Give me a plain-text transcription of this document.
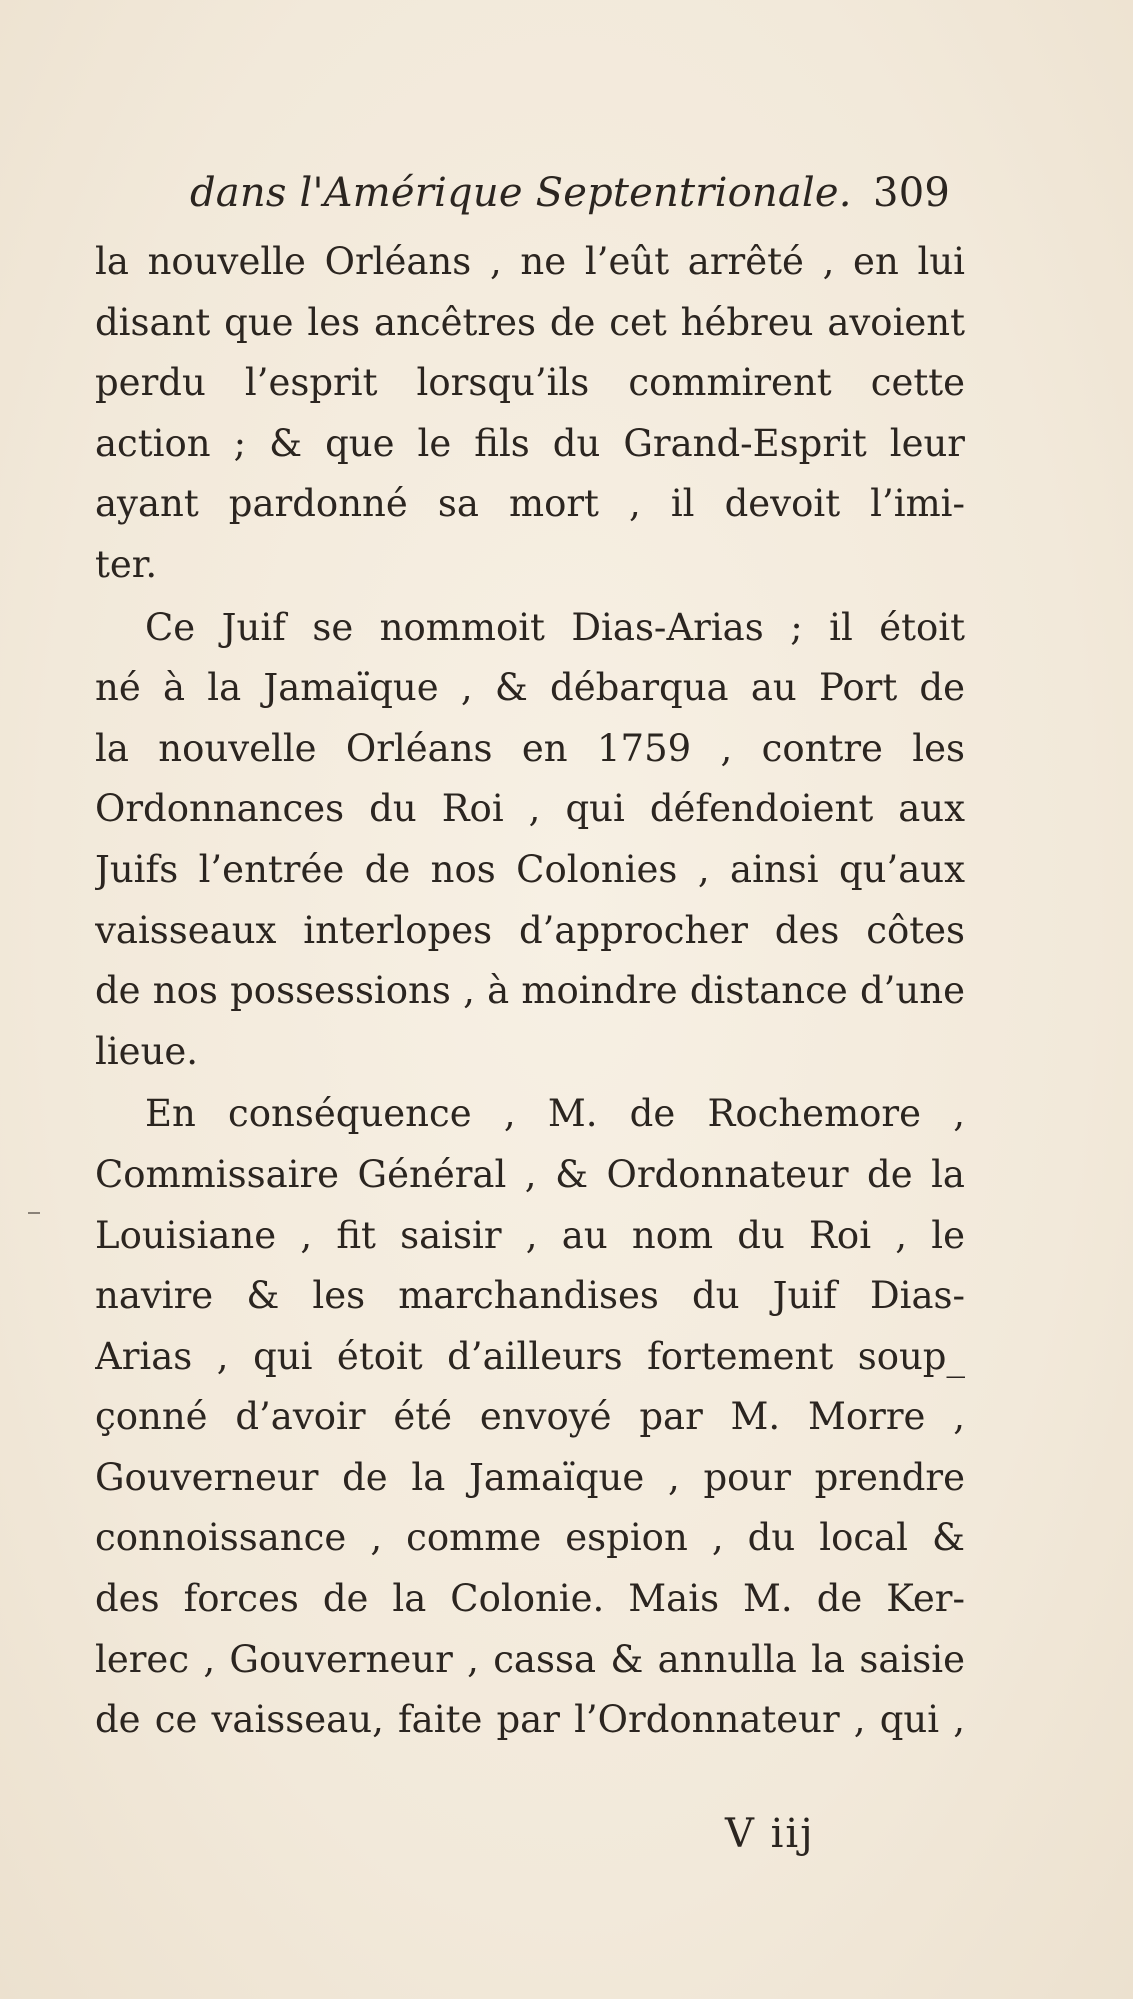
dans l'Amérique Septentrionale. 309
la nouvelle Orléans , ne l’eût arrêté , en lui
disant que les ancêtres de cet hébreu avoient
perdu l’esprit lorsqu’ils commirent cette
action ; & que le fils du Grand-Esprit leur
ayant pardonné sa mort , il devoit l’imi-
ter.
Ce Juif se nommoit Dias-Arias ; il étoit
né à la Jamaïque , & débarqua au Port de
la nouvelle Orléans en 1759 , contre les
Ordonnances du Roi , qui défendoient aux
Juifs l’entrée de nos Colonies , ainsi qu’aux
vaisseaux interlopes d’approcher des côtes
de nos possessions , à moindre distance d’une
lieue.
En conséquence , M. de Rochemore ,
Commissaire Général , & Ordonnateur de la
Louisiane , fit saisir , au nom du Roi , le
navire & les marchandises du Juif Dias-
Arias , qui étoit d’ailleurs fortement soup_
çonné d’avoir été envoyé par M. Morre ,
Gouverneur de la Jamaïque , pour prendre
connoissance , comme espion , du local &
des forces de la Colonie. Mais M. de Ker-
lerec , Gouverneur , cassa & annulla la saisie
de ce vaisseau, faite par l’Ordonnateur , qui ,
V iij
